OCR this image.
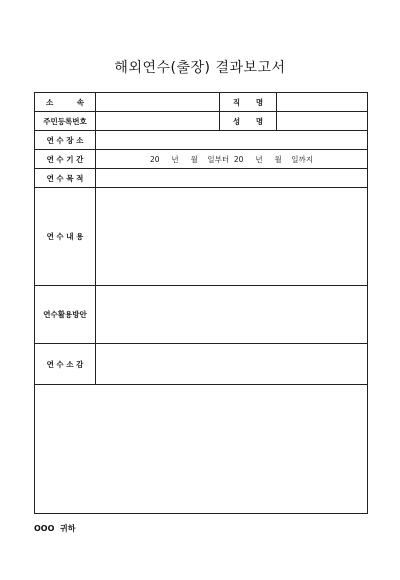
해외연수(출장) 결과보고서
소         속		직      명	
주민등록번호		성      명	
연 수 장 소			
연 수 기 간	20     년     월    일부터  20     년     월    일까지		
연 수 목 적			
연 수 내 용			
연수활용방안			
연 수 소 감			

OOO  귀하
